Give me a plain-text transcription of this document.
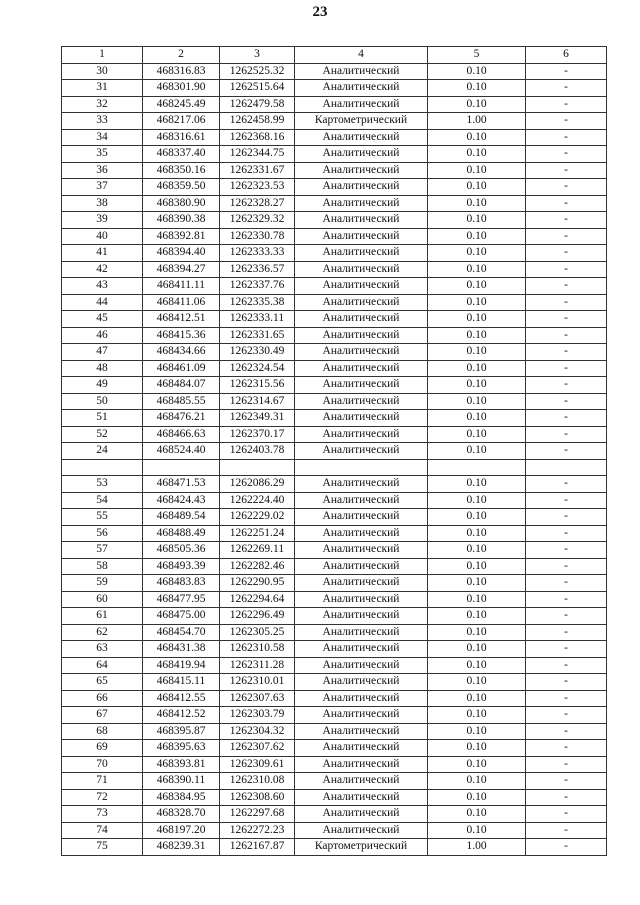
23
1	2	3	4	5	6
30	468316.83	1262525.32	Аналитический	0.10	-
31	468301.90	1262515.64	Аналитический	0.10	-
32	468245.49	1262479.58	Аналитический	0.10	-
33	468217.06	1262458.99	Картометрический	1.00	-
34	468316.61	1262368.16	Аналитический	0.10	-
35	468337.40	1262344.75	Аналитический	0.10	-
36	468350.16	1262331.67	Аналитический	0.10	-
37	468359.50	1262323.53	Аналитический	0.10	-
38	468380.90	1262328.27	Аналитический	0.10	-
39	468390.38	1262329.32	Аналитический	0.10	-
40	468392.81	1262330.78	Аналитический	0.10	-
41	468394.40	1262333.33	Аналитический	0.10	-
42	468394.27	1262336.57	Аналитический	0.10	-
43	468411.11	1262337.76	Аналитический	0.10	-
44	468411.06	1262335.38	Аналитический	0.10	-
45	468412.51	1262333.11	Аналитический	0.10	-
46	468415.36	1262331.65	Аналитический	0.10	-
47	468434.66	1262330.49	Аналитический	0.10	-
48	468461.09	1262324.54	Аналитический	0.10	-
49	468484.07	1262315.56	Аналитический	0.10	-
50	468485.55	1262314.67	Аналитический	0.10	-
51	468476.21	1262349.31	Аналитический	0.10	-
52	468466.63	1262370.17	Аналитический	0.10	-
24	468524.40	1262403.78	Аналитический	0.10	-

53	468471.53	1262086.29	Аналитический	0.10	-
54	468424.43	1262224.40	Аналитический	0.10	-
55	468489.54	1262229.02	Аналитический	0.10	-
56	468488.49	1262251.24	Аналитический	0.10	-
57	468505.36	1262269.11	Аналитический	0.10	-
58	468493.39	1262282.46	Аналитический	0.10	-
59	468483.83	1262290.95	Аналитический	0.10	-
60	468477.95	1262294.64	Аналитический	0.10	-
61	468475.00	1262296.49	Аналитический	0.10	-
62	468454.70	1262305.25	Аналитический	0.10	-
63	468431.38	1262310.58	Аналитический	0.10	-
64	468419.94	1262311.28	Аналитический	0.10	-
65	468415.11	1262310.01	Аналитический	0.10	-
66	468412.55	1262307.63	Аналитический	0.10	-
67	468412.52	1262303.79	Аналитический	0.10	-
68	468395.87	1262304.32	Аналитический	0.10	-
69	468395.63	1262307.62	Аналитический	0.10	-
70	468393.81	1262309.61	Аналитический	0.10	-
71	468390.11	1262310.08	Аналитический	0.10	-
72	468384.95	1262308.60	Аналитический	0.10	-
73	468328.70	1262297.68	Аналитический	0.10	-
74	468197.20	1262272.23	Аналитический	0.10	-
75	468239.31	1262167.87	Картометрический	1.00	-
